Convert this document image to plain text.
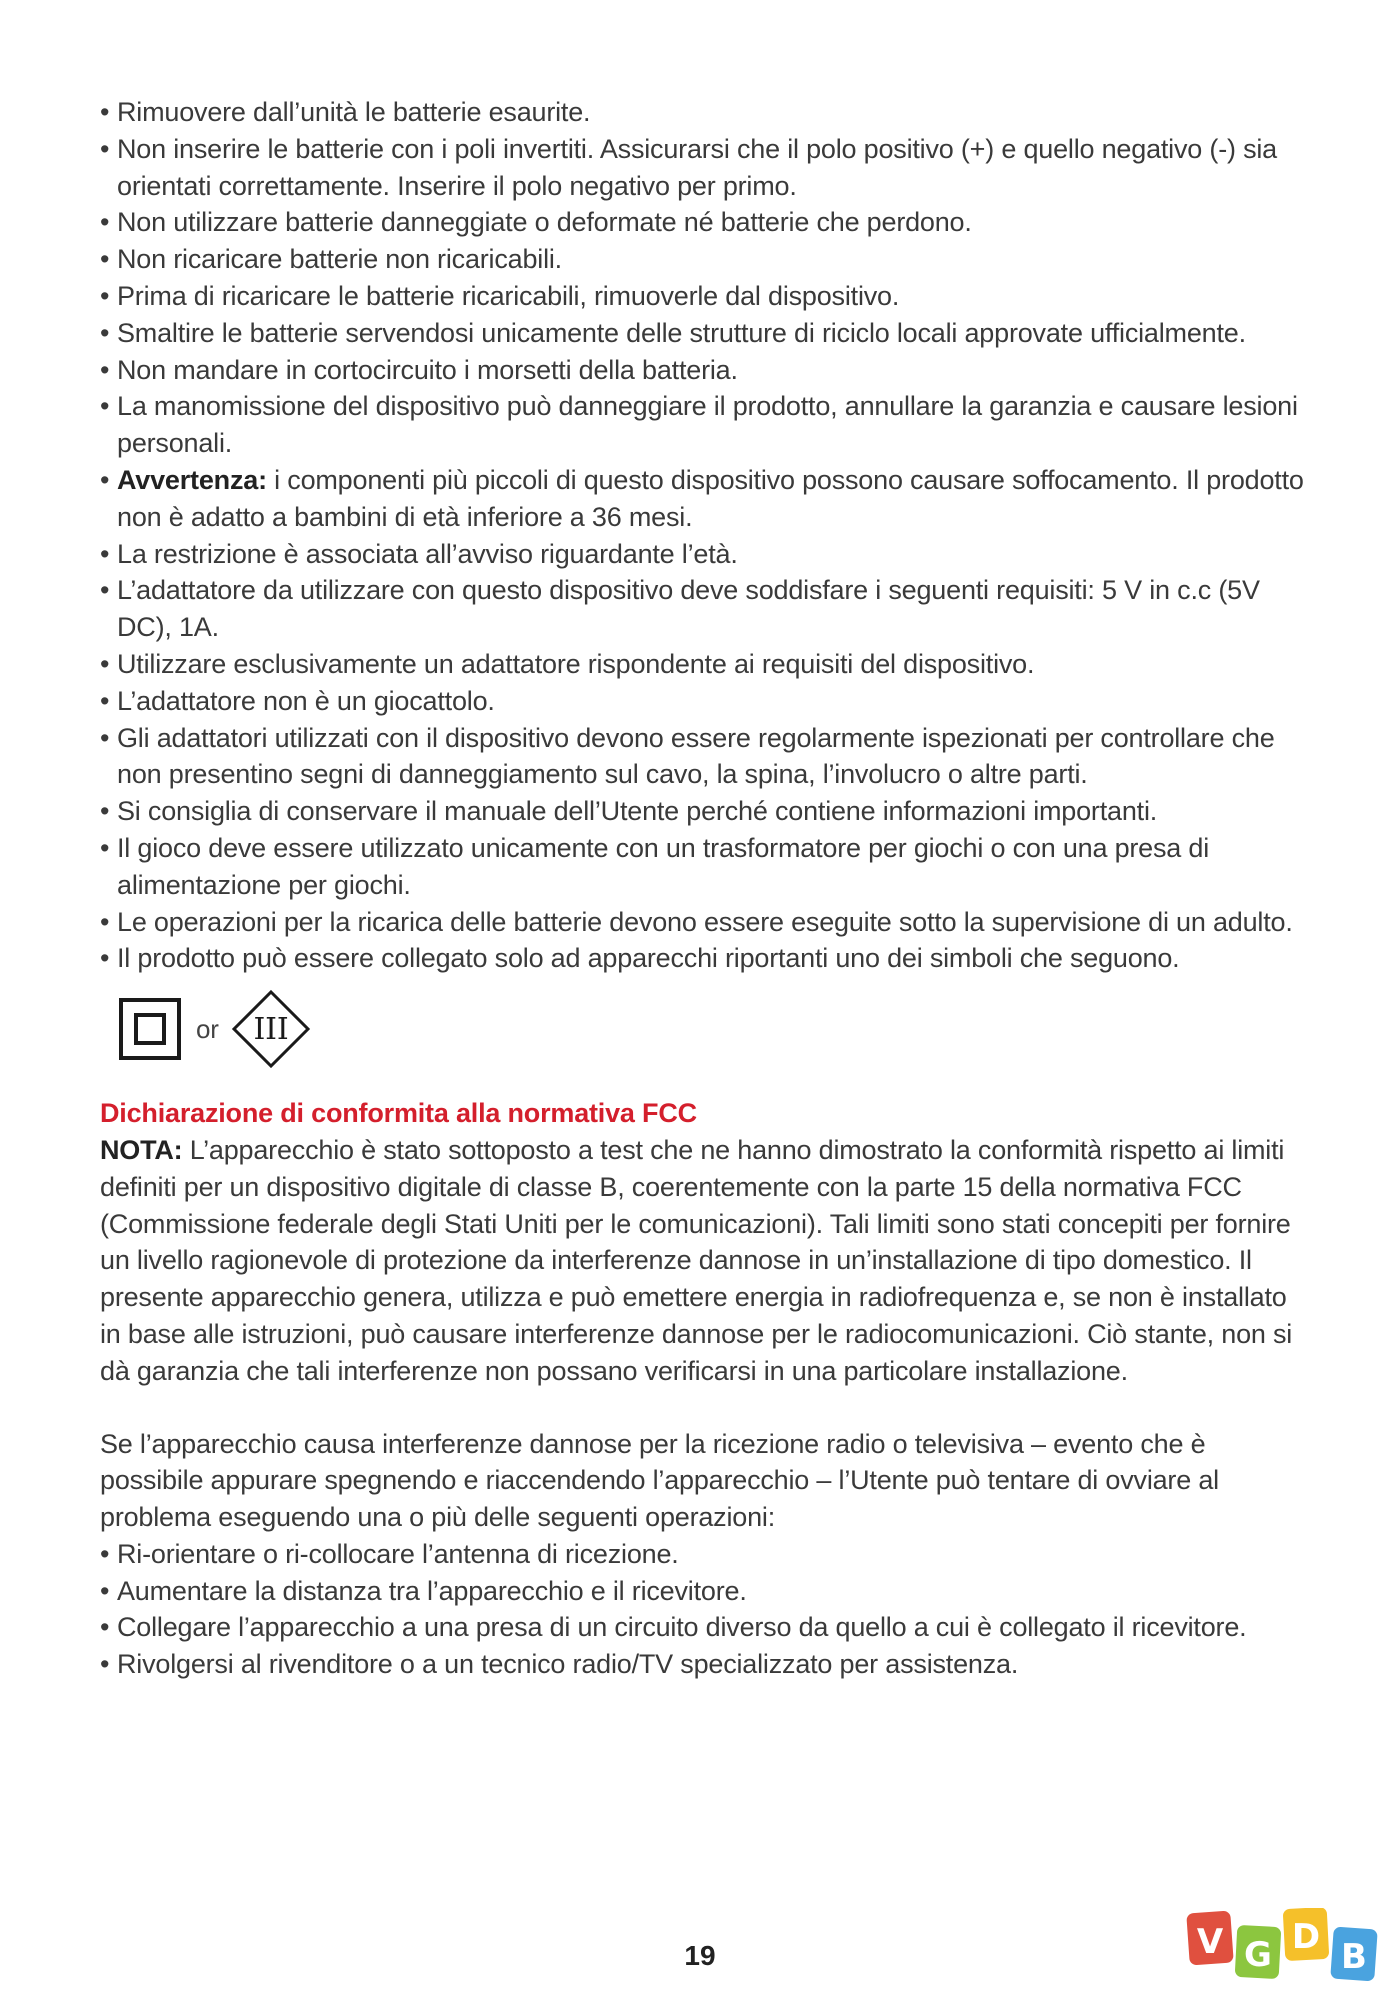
• Rimuovere dall’unità le batterie esaurite.
• Non inserire le batterie con i poli invertiti. Assicurarsi che il polo positivo (+) e quello negativo (-) sia orientati correttamente. Inserire il polo negativo per primo.
• Non utilizzare batterie danneggiate o deformate né batterie che perdono.
• Non ricaricare batterie non ricaricabili.
• Prima di ricaricare le batterie ricaricabili, rimuoverle dal dispositivo.
• Smaltire le batterie servendosi unicamente delle strutture di riciclo locali approvate ufficialmente.
• Non mandare in cortocircuito i morsetti della batteria.
• La manomissione del dispositivo può danneggiare il prodotto, annullare la garanzia e causare lesioni personali.
• Avvertenza: i componenti più piccoli di questo dispositivo possono causare soffocamento. Il prodotto non è adatto a bambini di età inferiore a 36 mesi.
• La restrizione è associata all’avviso riguardante l’età.
• L’adattatore da utilizzare con questo dispositivo deve soddisfare i seguenti requisiti: 5 V in c.c (5V DC), 1A.
• Utilizzare esclusivamente un adattatore rispondente ai requisiti del dispositivo.
• L’adattatore non è un giocattolo.
• Gli adattatori utilizzati con il dispositivo devono essere regolarmente ispezionati per controllare che non presentino segni di danneggiamento sul cavo, la spina, l’involucro o altre parti.
• Si consiglia di conservare il manuale dell’Utente perché contiene informazioni importanti.
• Il gioco deve essere utilizzato unicamente con un trasformatore per giochi o con una presa di alimentazione per giochi.
• Le operazioni per la ricarica delle batterie devono essere eseguite sotto la supervisione di un adulto.
• Il prodotto può essere collegato solo ad apparecchi riportanti uno dei simboli che seguono.
or III
Dichiarazione di conformita alla normativa FCC

NOTA: L’apparecchio è stato sottoposto a test che ne hanno dimostrato la conformità rispetto ai limiti definiti per un dispositivo digitale di classe B, coerentemente con la parte 15 della normativa FCC (Commissione federale degli Stati Uniti per le comunicazioni). Tali limiti sono stati concepiti per fornire un livello ragionevole di protezione da interferenze dannose in un’installazione di tipo domestico. Il presente apparecchio genera, utilizza e può emettere energia in radiofrequenza e, se non è installato in base alle istruzioni, può causare interferenze dannose per le radiocomunicazioni. Ciò stante, non si dà garanzia che tali interferenze non possano verificarsi in una particolare installazione.

Se l’apparecchio causa interferenze dannose per la ricezione radio o televisiva – evento che è possibile appurare spegnendo e riaccendendo l’apparecchio – l’Utente può tentare di ovviare al problema eseguendo una o più delle seguenti operazioni:

• Ri-orientare o ri-collocare l’antenna di ricezione.
• Aumentare la distanza tra l’apparecchio e il ricevitore.
• Collegare l’apparecchio a una presa di un circuito diverso da quello a cui è collegato il ricevitore.
• Rivolgersi al rivenditore o a un tecnico radio/TV specializzato per assistenza.
19	V G D B
